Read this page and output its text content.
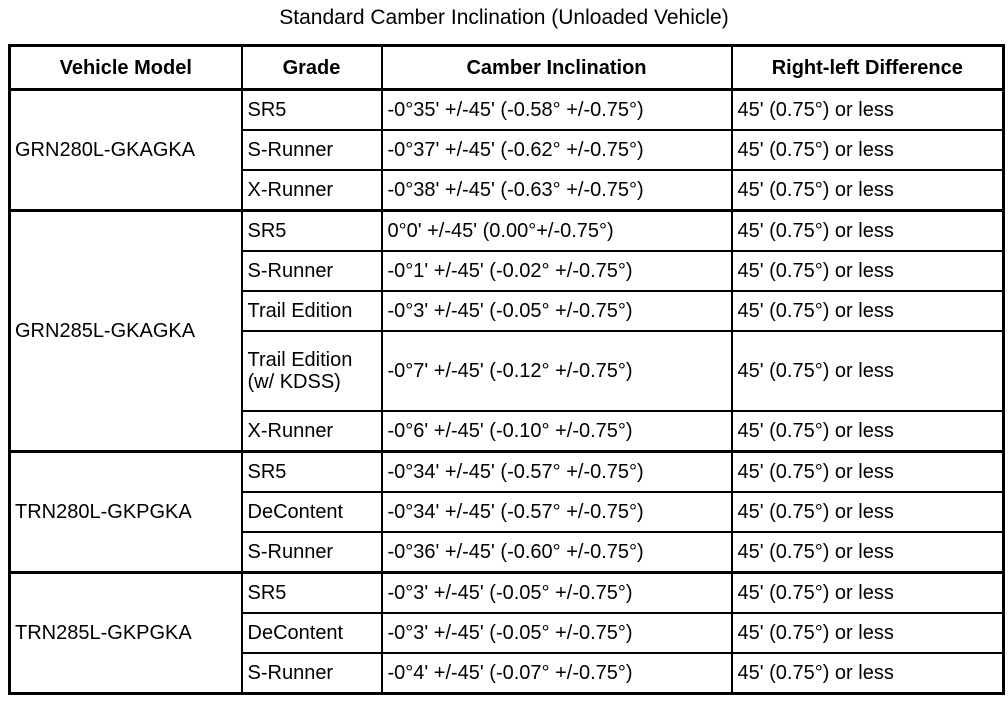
Standard Camber Inclination (Unloaded Vehicle)
Vehicle Model	Grade	Camber Inclination	Right-left Difference
GRN280L-GKAGKA	SR5	-0°35' +/-45' (-0.58° +/-0.75°)	45' (0.75°) or less
	S-Runner	-0°37' +/-45' (-0.62° +/-0.75°)	45' (0.75°) or less
	X-Runner	-0°38' +/-45' (-0.63° +/-0.75°)	45' (0.75°) or less
GRN285L-GKAGKA	SR5	0°0' +/-45' (0.00°+/-0.75°)	45' (0.75°) or less
	S-Runner	-0°1' +/-45' (-0.02° +/-0.75°)	45' (0.75°) or less
	Trail Edition	-0°3' +/-45' (-0.05° +/-0.75°)	45' (0.75°) or less
	Trail Edition (w/ KDSS)	-0°7' +/-45' (-0.12° +/-0.75°)	45' (0.75°) or less
	X-Runner	-0°6' +/-45' (-0.10° +/-0.75°)	45' (0.75°) or less
TRN280L-GKPGKA	SR5	-0°34' +/-45' (-0.57° +/-0.75°)	45' (0.75°) or less
	DeContent	-0°34' +/-45' (-0.57° +/-0.75°)	45' (0.75°) or less
	S-Runner	-0°36' +/-45' (-0.60° +/-0.75°)	45' (0.75°) or less
TRN285L-GKPGKA	SR5	-0°3' +/-45' (-0.05° +/-0.75°)	45' (0.75°) or less
	DeContent	-0°3' +/-45' (-0.05° +/-0.75°)	45' (0.75°) or less
	S-Runner	-0°4' +/-45' (-0.07° +/-0.75°)	45' (0.75°) or less
